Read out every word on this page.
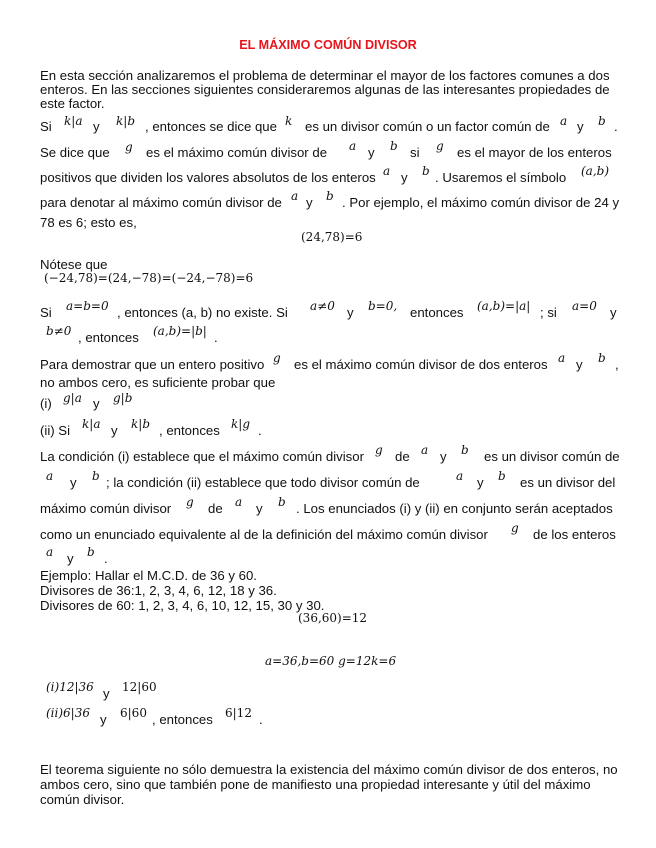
EL MÁXIMO COMÚN DIVISOR
En esta sección analizaremos el problema de determinar el mayor de los factores comunes a dos
enteros. En las secciones siguientes consideraremos algunas de las interesantes propiedades de
este factor.
Si k|a y k|b , entonces se dice que k es un divisor común o un factor común de a y b .
Se dice que g es el máximo común divisor de a y b si g es el mayor de los enteros
positivos que dividen los valores absolutos de los enteros a y b . Usaremos el símbolo (a,b)
para denotar al máximo común divisor de a y b . Por ejemplo, el máximo común divisor de 24 y
78 es 6; esto es,
(24,78)=6
Nótese que
(−24,78)=(24,−78)=(−24,−78)=6
Si a=b=0 , entonces (a, b) no existe. Si a≠0 y b=0, entonces (a,b)=|a| ; si a=0 y
b≠0 , entonces (a,b)=|b| .
Para demostrar que un entero positivo g es el máximo común divisor de dos enteros a y b ,
no ambos cero, es suficiente probar que
(i) g|a y g|b
(ii) Si k|a y k|b , entonces k|g .
La condición (i) establece que el máximo común divisor g de a y b es un divisor común de
a y b ; la condición (ii) establece que todo divisor común de	a y b es un divisor del
máximo común divisor g de a y b . Los enunciados (i) y (ii) en conjunto serán aceptados
como un enunciado equivalente al de la definición del máximo común divisor g de los enteros
a y b .
Ejemplo: Hallar el M.C.D. de 36 y 60.
Divisores de 36:1, 2, 3, 4, 6, 12, 18 y 36.
Divisores de 60: 1, 2, 3, 4, 6, 10, 12, 15, 30 y 30.
(36,60)=12
a=36,b=60 g=12k=6
(i)12|36 y 12|60
(ii)6|36 y 6|60 , entonces 6|12 .
El teorema siguiente no sólo demuestra la existencia del máximo común divisor de dos enteros, no
ambos cero, sino que también pone de manifiesto una propiedad interesante y útil del máximo
común divisor.
